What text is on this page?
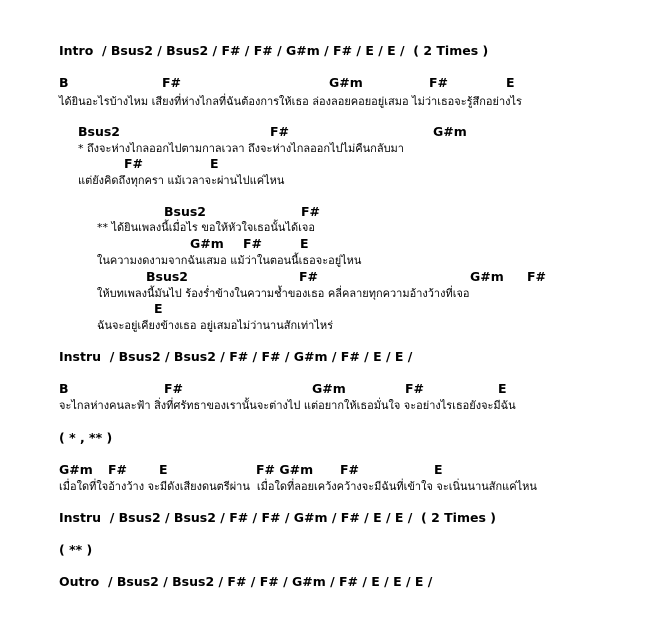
Intro  / Bsus2 / Bsus2 / F# / F# / G#m / F# / E / E /  ( 2 Times )
B	F#	G#m	F#	E
ได้ยินอะไรบ้างไหม เสียงที่ห่างไกลที่ฉันต้องการให้เธอ ล่องลอยคอยอยู่เสมอ ไม่ว่าเธอจะรู้สึกอย่างไร
Bsus2	F#	G#m
* ถึงจะห่างไกลออกไปตามกาลเวลา ถึงจะห่างไกลออกไปไม่คืนกลับมา
F#	E
แต่ยังคิดถึงทุกครา แม้เวลาจะผ่านไปแค่ไหน
Bsus2	F#
** ได้ยินเพลงนี้เมื่อไร ขอให้หัวใจเธอนั้นได้เจอ
G#m F#	E
ในความงดงามจากฉันเสมอ แม้ว่าในตอนนี้เธอจะอยู่ไหน
Bsus2	F#	G#m F#
ให้บทเพลงนี้มันไป ร้องร่ำข้างในความช้ำของเธอ คลี่คลายทุกความอ้างว้างที่เจอ
E
ฉันจะอยู่เคียงข้างเธอ อยู่เสมอไม่ว่านานสักเท่าไหร่
Instru  / Bsus2 / Bsus2 / F# / F# / G#m / F# / E / E /
B	F#	G#m	F#	E
จะไกลห่างคนละฟ้า สิ่งที่ศรัทธาของเรานั้นจะต่างไป แต่อยากให้เธอมั่นใจ จะอย่างไรเธอยังจะมีฉัน
( * , ** )
G#m F#	E	F# G#m F#	E
เมื่อใดที่ใจอ้างว้าง จะมีดังเสียงดนตรีผ่าน  เมื่อใดที่ลอยเคว้งคว้างจะมีฉันที่เข้าใจ จะเนิ่นนานสักแค่ไหน
Instru  / Bsus2 / Bsus2 / F# / F# / G#m / F# / E / E /  ( 2 Times )
( ** )
Outro  / Bsus2 / Bsus2 / F# / F# / G#m / F# / E / E / E /
